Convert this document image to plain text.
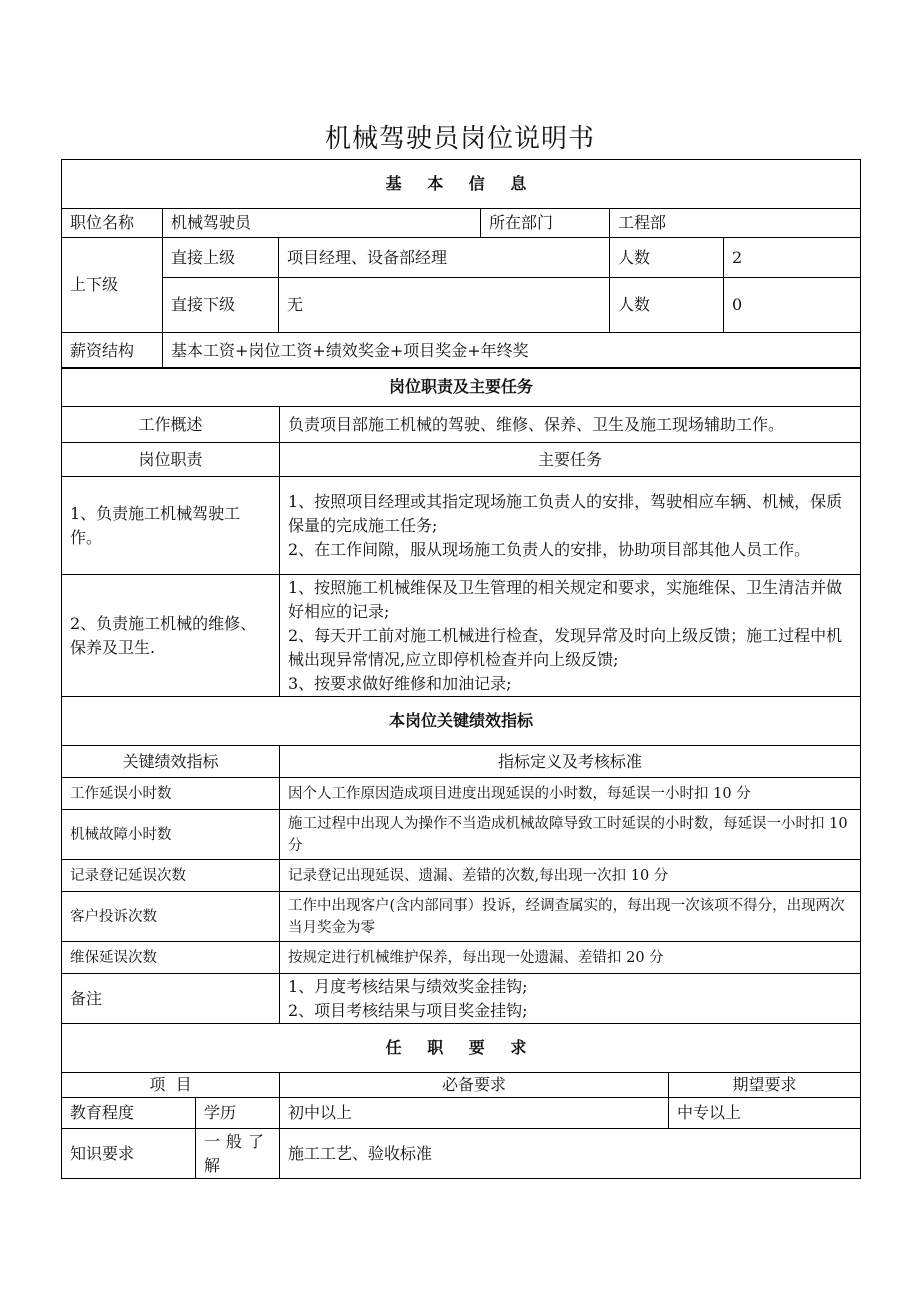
机械驾驶员岗位说明书
基 本 信 息					
职位名称	机械驾驶员		所在部门	工程部	
上下级	直接上级	项目经理、设备部经理		人数	2
	直接下级	无		人数	0
薪资结构	基本工资+岗位工资+绩效奖金+项目奖金+年终奖				
岗位职责及主要任务	
工作概述	负责项目部施工机械的驾驶、维修、保养、卫生及施工现场辅助工作。
岗位职责	主要任务
1、负责施工机械驾驶工作。	1、按照项目经理或其指定现场施工负责人的安排，驾驶相应车辆、机械，保质保量的完成施工任务;
2、在工作间隙，服从现场施工负责人的安排，协助项目部其他人员工作。

2、负责施工机械的维修、保养及卫生.	1、按照施工机械维保及卫生管理的相关规定和要求，实施维保、卫生清洁并做好相应的记录;
2、每天开工前对施工机械进行检查，发现异常及时向上级反馈；施工过程中机械出现异常情况,应立即停机检查并向上级反馈;
3、按要求做好维修和加油记录;
本岗位关键绩效指标	
关键绩效指标	指标定义及考核标准
工作延误小时数	因个人工作原因造成项目进度出现延误的小时数，每延误一小时扣 10 分
机械故障小时数	施工过程中出现人为操作不当造成机械故障导致工时延误的小时数，每延误一小时扣 10 分
记录登记延误次数	记录登记出现延误、遗漏、差错的次数,每出现一次扣 10 分
客户投诉次数	工作中出现客户(含内部同事）投诉，经调查属实的，每出现一次该项不得分，出现两次当月奖金为零
维保延误次数	按规定进行机械维护保养，每出现一处遗漏、差错扣 20 分
备注	1、月度考核结果与绩效奖金挂钩;
2、项目考核结果与项目奖金挂钩;
任 职 要 求			
项  目		必备要求	期望要求
教育程度	学历	初中以上	中专以上
知识要求	一般了解	施工工艺、验收标准	
